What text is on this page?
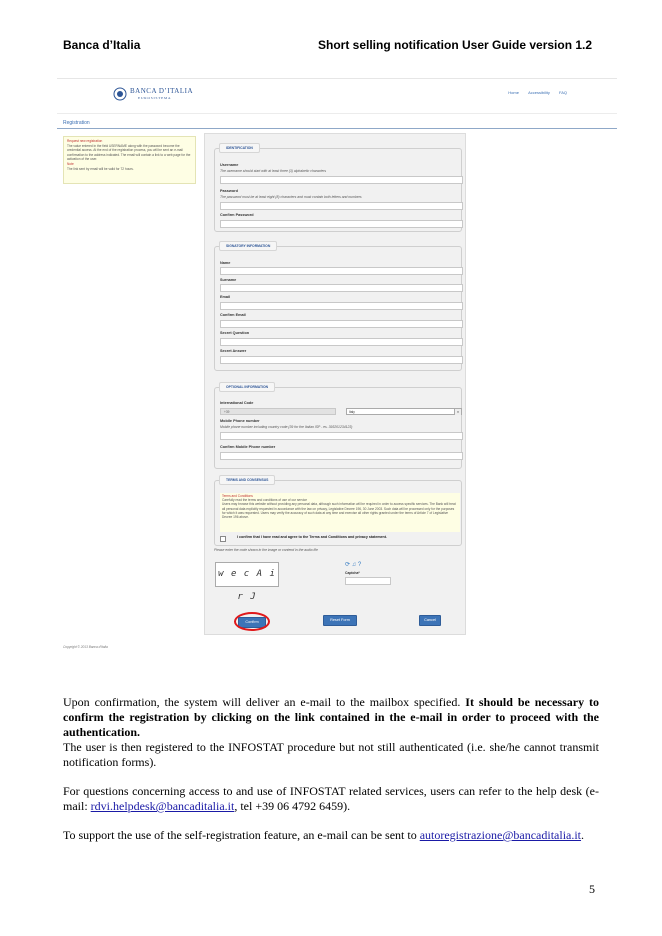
Banca d’Italia	Short selling notification User Guide version 1.2
BANCA D’ITALIA
EUROSISTEMA
Home Accessibility FAQ
Registration
Request new registration
The value entered in the field USERNAME along with the password become the credential access. At the end of the registration process, you will be sent an e-mail confirmation to the address indicated. The email will contain a link to a web page for the activation of the user.
Note
The link sent by email will be valid for 72 hours.
IDENTIFICATION
Username
The username should start with at least three (3) alphabetic characters
Password
The password must be at least eight (8) characters and must contain both letters and numbers
Confirm Password
SIGNATORY INFORMATION
Name
Surname
Email
Confirm Email
Secret Question
Secret Answer
OPTIONAL INFORMATION
International Code
+39	Italy	▾
Mobile Phone number
Mobile phone number including country code (39 for the Italian ISP - es. 393201234123)
Confirm Mobile Phone number
TERMS AND CONSENSUS
Terms and Conditions
Carefully read the terms and conditions of use of our service
Users may browse this website without providing any personal data, although such information will be required in order to access specific services. The Bank will treat all personal data explicitly requested in accordance with the law on privacy, Legislative Decree 196, 30 June 2003. Such data will be processed only for the purposes for which it was requested. Users may verify the accuracy of such data at any time and exercise all other rights granted under the terms of Article 7 of Legislative Decree 196 above.
I confirm that I have read and agree to the Terms and Conditions and privacy statement.
Please enter the code shown in the image or contend in the audio file
w e c A i r J
⟳ ♫ ?
Captcha*
Confirm	Reset Form	Cancel
Copyright © 2013 Banca d'Italia
Upon confirmation, the system will deliver an e-mail to the mailbox specified. It should be necessary to confirm the registration by clicking on the link contained in the e-mail in order to proceed with the authentication.
The user is then registered to the INFOSTAT procedure but not still authenticated (i.e. she/he cannot transmit notification forms).
For questions concerning access to and use of INFOSTAT related services, users can refer to the help desk (e-mail: rdvi.helpdesk@bancaditalia.it, tel +39 06 4792 6459).
To support the use of the self-registration feature, an e-mail can be sent to autoregistrazione@bancaditalia.it.
5
